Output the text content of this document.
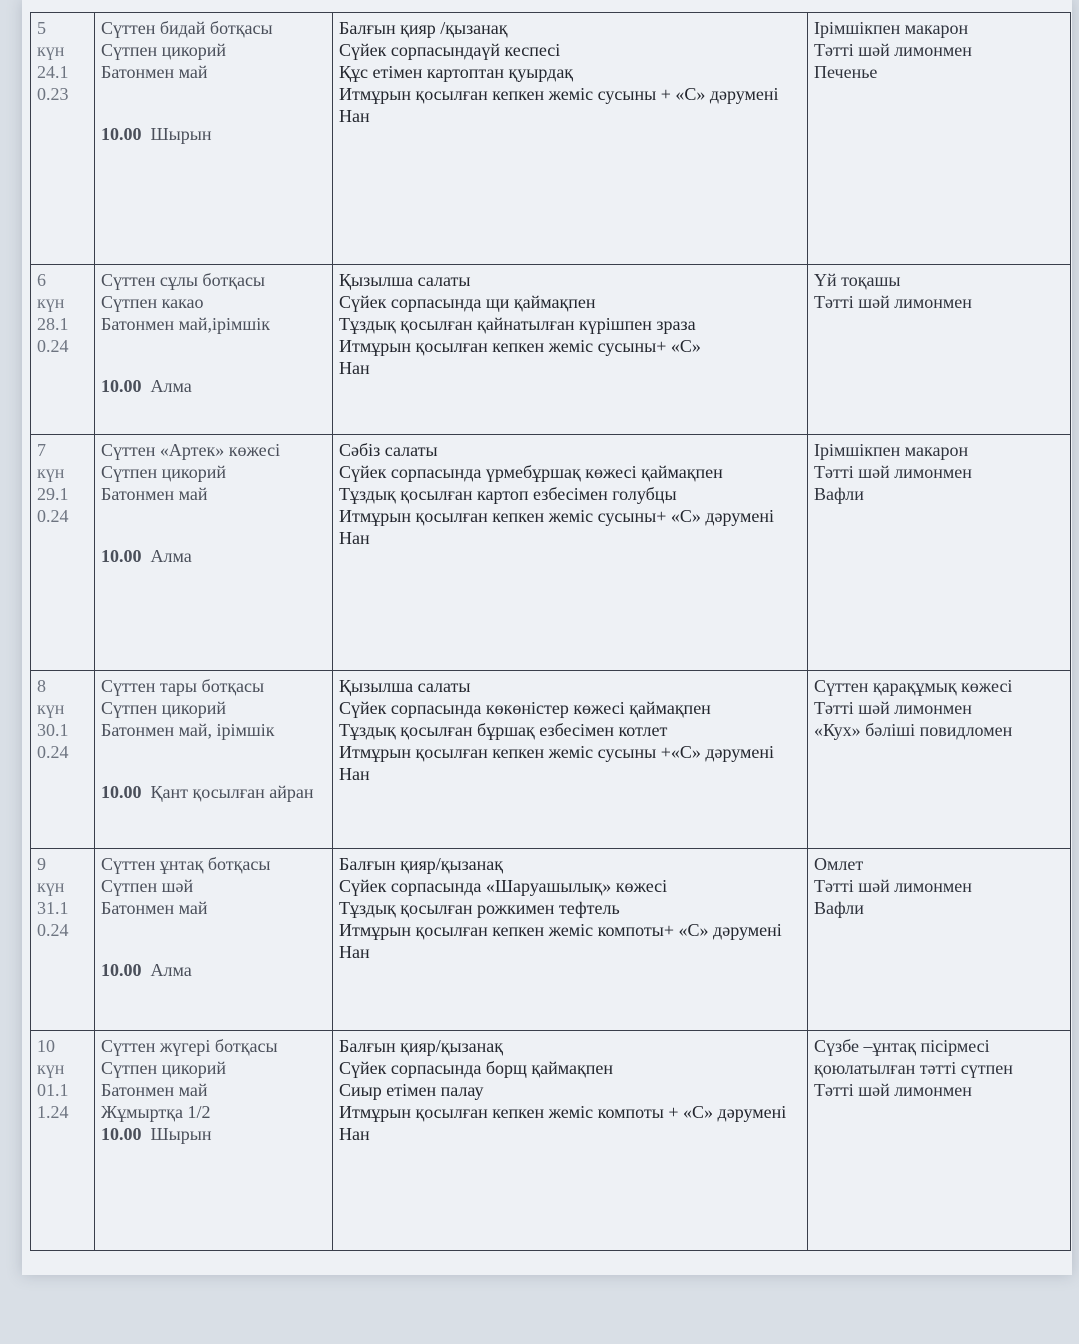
5
күн
24.1
0.23	Сүттен бидай ботқасы
Сүтпен цикорий
Батонмен май
10.00 Шырын	Балғын қияр /қызанақ
Сүйек сорпасындаүй кеспесі
Құс етімен картоптан қуырдақ
Итмұрын қосылған кепкен жеміс сусыны + «С» дәрумені
Нан	Ірімшікпен макарон
Тәтті шәй лимонмен
Печенье

6
күн
28.1
0.24	Сүттен сұлы ботқасы
Сүтпен какао
Батонмен май,ірімшік
10.00 Алма	Қызылша салаты
Сүйек сорпасында щи қаймақпен
Тұздық қосылған қайнатылған күрішпен зраза
Итмұрын қосылған кепкен жеміс сусыны+ «С»
Нан	Үй тоқашы
Тәтті шәй лимонмен

7
күн
29.1
0.24	Сүттен «Артек» көжесі
Сүтпен цикорий
Батонмен май
10.00 Алма	Сәбіз салаты
Сүйек сорпасында үрмебұршақ көжесі қаймақпен
Тұздық қосылған картоп езбесімен голубцы
Итмұрын қосылған кепкен жеміс сусыны+ «С» дәрумені
Нан	Ірімшікпен макарон
Тәтті шәй лимонмен
Вафли

8
күн
30.1
0.24	Сүттен тары ботқасы
Сүтпен цикорий
Батонмен май, ірімшік
10.00 Қант қосылған айран	Қызылша салаты
Сүйек сорпасында көкөністер көжесі қаймақпен
Тұздық қосылған бұршақ езбесімен котлет
Итмұрын қосылған кепкен жеміс сусыны +«С» дәрумені
Нан	Сүттен қарақұмық көжесі
Тәтті шәй лимонмен
«Кух» бәліші повидломен

9
күн
31.1
0.24	Сүттен ұнтақ ботқасы
Сүтпен шәй
Батонмен май
10.00 Алма	Балғын қияр/қызанақ
Сүйек сорпасында «Шаруашылық» көжесі
Тұздық қосылған рожкимен тефтель
Итмұрын қосылған кепкен жеміс компоты+ «С» дәрумені
Нан	Омлет
Тәтті шәй лимонмен
Вафли

10
күн
01.1
1.24	Сүттен жүгері ботқасы
Сүтпен цикорий
Батонмен май
Жұмыртқа 1/2
10.00 Шырын	Балғын қияр/қызанақ
Сүйек сорпасында борщ қаймақпен
Сиыр етімен палау
Итмұрын қосылған кепкен жеміс компоты + «С» дәрумені
Нан	Сүзбе –ұнтақ пісірмесі
қоюлатылған тәтті сүтпен
Тәтті шәй лимонмен
